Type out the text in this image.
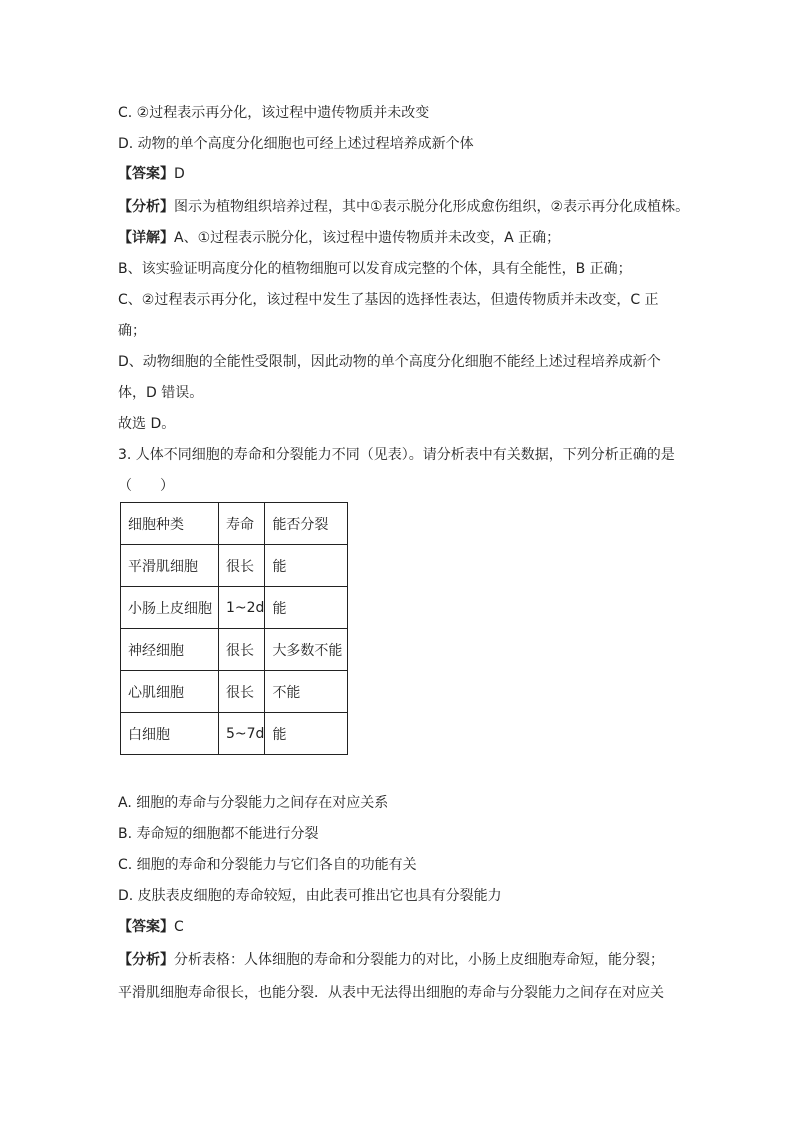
C. ②过程表示再分化，该过程中遗传物质并未改变
D. 动物的单个高度分化细胞也可经上述过程培养成新个体
【答案】D
【分析】图示为植物组织培养过程，其中①表示脱分化形成愈伤组织，②表示再分化成植株。
【详解】A、①过程表示脱分化，该过程中遗传物质并未改变，A 正确；
B、该实验证明高度分化的植物细胞可以发育成完整的个体，具有全能性，B 正确；
C、②过程表示再分化，该过程中发生了基因的选择性表达，但遗传物质并未改变，C 正
确；
D、动物细胞的全能性受限制，因此动物的单个高度分化细胞不能经上述过程培养成新个
体，D 错误。
故选 D。
3. 人体不同细胞的寿命和分裂能力不同（见表）。请分析表中有关数据，下列分析正确的是
（　　）
细胞种类	寿命	能否分裂
平滑肌细胞	很长	能
小肠上皮细胞	1~2d	能
神经细胞	很长	大多数不能
心肌细胞	很长	不能
白细胞	5~7d	能
A. 细胞的寿命与分裂能力之间存在对应关系
B. 寿命短的细胞都不能进行分裂
C. 细胞的寿命和分裂能力与它们各自的功能有关
D. 皮肤表皮细胞的寿命较短，由此表可推出它也具有分裂能力
【答案】C
【分析】分析表格：人体细胞的寿命和分裂能力的对比，小肠上皮细胞寿命短，能分裂；
平滑肌细胞寿命很长，也能分裂．从表中无法得出细胞的寿命与分裂能力之间存在对应关
